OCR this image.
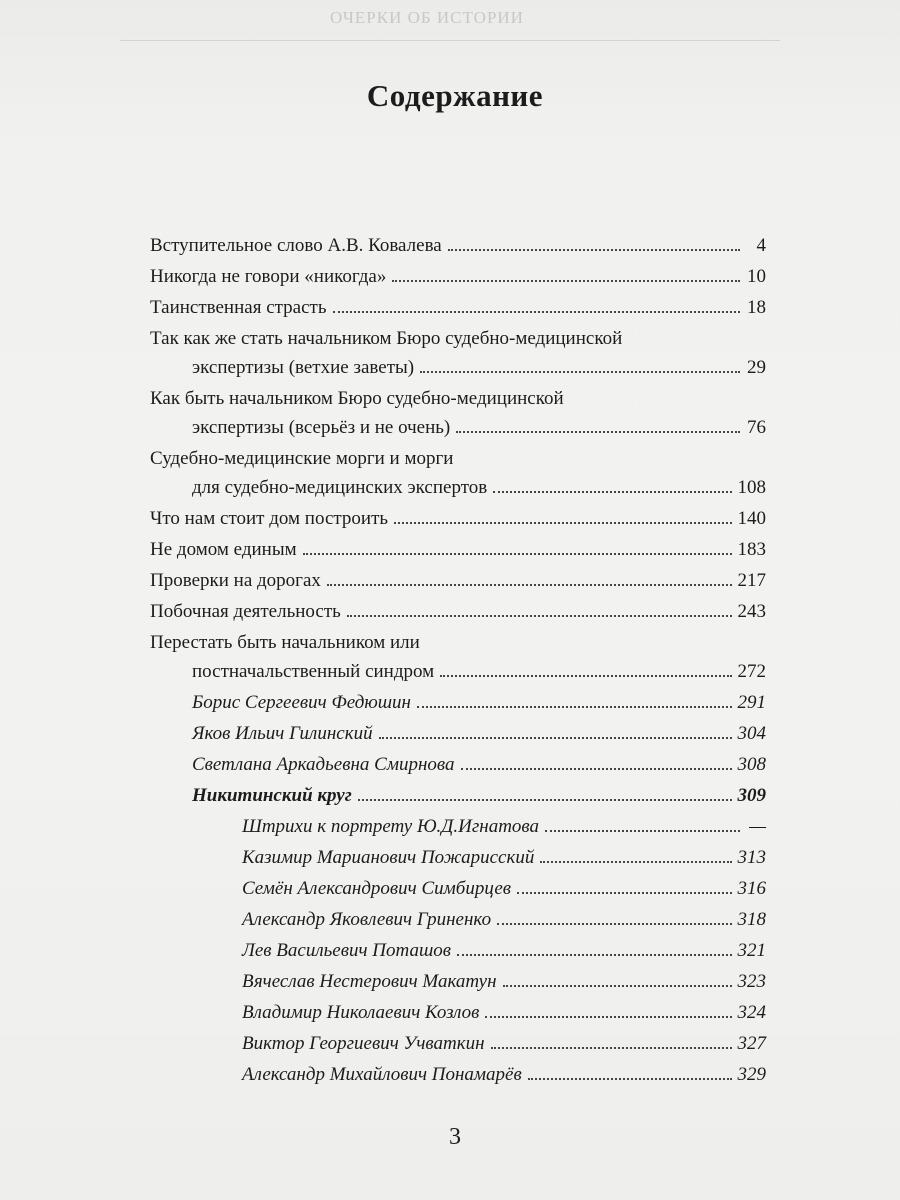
ОЧЕРКИ ОБ ИСТОРИИ
Содержание
Вступительное слово А.В. Ковалева	4
Никогда не говори «никогда»	10
Таинственная страсть	18
Так как же стать начальником Бюро судебно-медицинской
экспертизы (ветхие заветы)	29
Как быть начальником Бюро судебно-медицинской
экспертизы (всерьёз и не очень)	76
Судебно-медицинские морги и морги
для судебно-медицинских экспертов	108
Что нам стоит дом построить	140
Не домом единым	183
Проверки на дорогах	217
Побочная деятельность	243
Перестать быть начальником или
постначальственный синдром	272
Борис Сергеевич Федюшин	291
Яков Ильич Гилинский	304
Светлана Аркадьевна Смирнова	308
Никитинский круг	309
Штрихи к портрету Ю.Д.Игнатова	—
Казимир Марианович Пожарисский	313
Семён Александрович Симбирцев	316
Александр Яковлевич Гриненко	318
Лев Васильевич Поташов	321
Вячеслав Нестерович Макатун	323
Владимир Николаевич Козлов	324
Виктор Георгиевич Учваткин	327
Александр Михайлович Понамарёв	329
3
